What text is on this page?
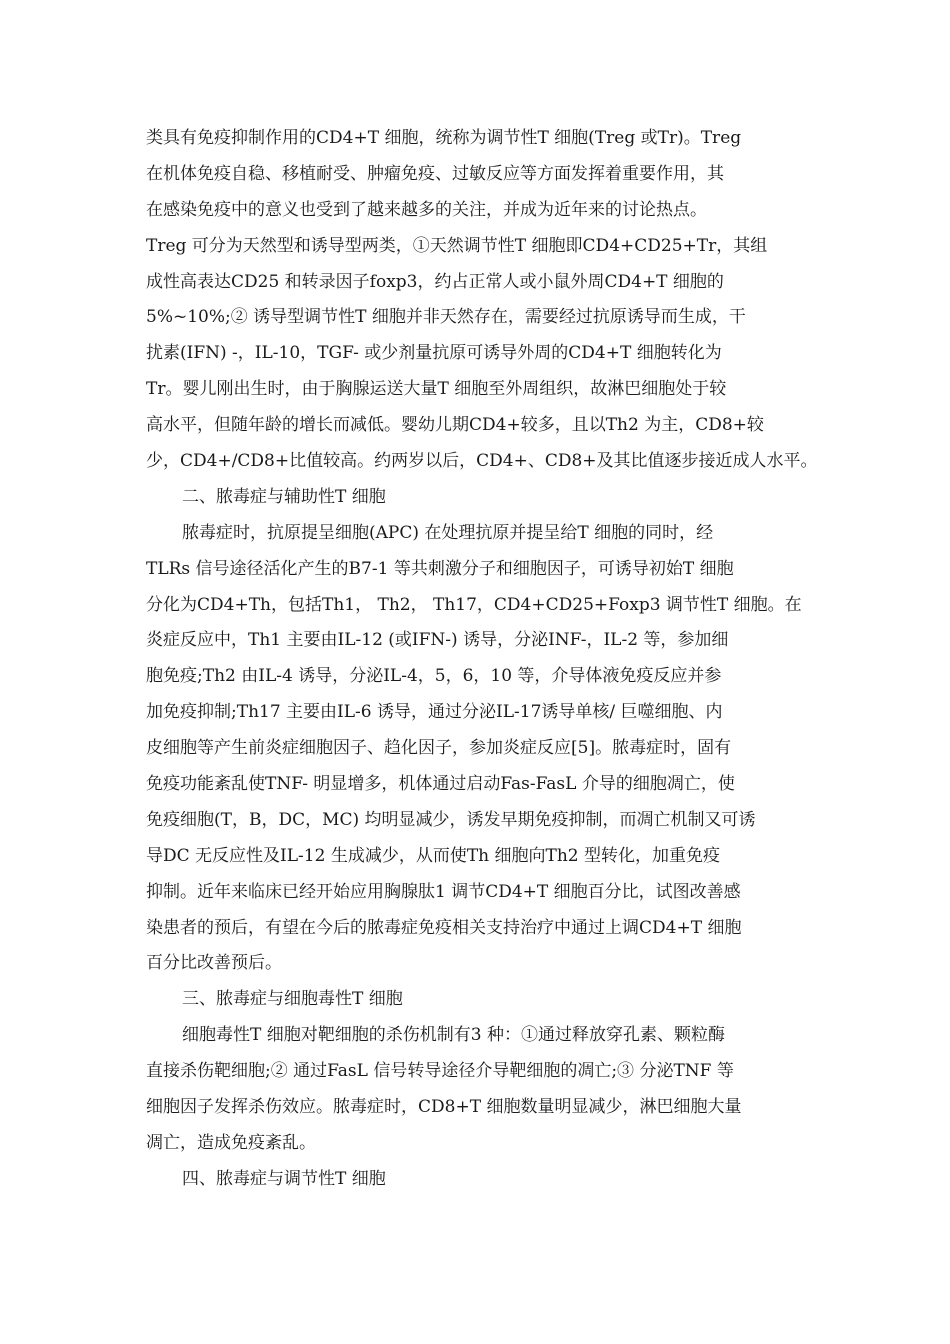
类具有免疫抑制作用的CD4+T 细胞，统称为调节性T 细胞(Treg 或Tr)。Treg
在机体免疫自稳、移植耐受、肿瘤免疫、过敏反应等方面发挥着重要作用，其
在感染免疫中的意义也受到了越来越多的关注，并成为近年来的讨论热点。
Treg 可分为天然型和诱导型两类，①天然调节性T 细胞即CD4+CD25+Tr，其组
成性高表达CD25 和转录因子foxp3，约占正常人或小鼠外周CD4+T 细胞的
5%~10%;② 诱导型调节性T 细胞并非天然存在，需要经过抗原诱导而生成，干
扰素(IFN) -，IL-10，TGF- 或少剂量抗原可诱导外周的CD4+T 细胞转化为
Tr。婴儿刚出生时，由于胸腺运送大量T 细胞至外周组织，故淋巴细胞处于较
高水平，但随年龄的增长而减低。婴幼儿期CD4+较多，且以Th2 为主，CD8+较
少，CD4+/CD8+比值较高。约两岁以后，CD4+、CD8+及其比值逐步接近成人水平。
二、脓毒症与辅助性T 细胞
脓毒症时，抗原提呈细胞(APC) 在处理抗原并提呈给T 细胞的同时，经
TLRs 信号途径活化产生的B7-1 等共刺激分子和细胞因子，可诱导初始T 细胞
分化为CD4+Th，包括Th1， Th2， Th17，CD4+CD25+Foxp3 调节性T 细胞。在
炎症反应中，Th1 主要由IL-12 (或IFN-) 诱导，分泌INF-，IL-2 等，参加细
胞免疫;Th2 由IL-4 诱导，分泌IL-4，5，6，10 等，介导体液免疫反应并参
加免疫抑制;Th17 主要由IL-6 诱导，通过分泌IL-17诱导单核/ 巨噬细胞、内
皮细胞等产生前炎症细胞因子、趋化因子，参加炎症反应[5]。脓毒症时，固有
免疫功能紊乱使TNF- 明显增多，机体通过启动Fas-FasL 介导的细胞凋亡，使
免疫细胞(T，B，DC，MC) 均明显减少，诱发早期免疫抑制，而凋亡机制又可诱
导DC 无反应性及IL-12 生成减少，从而使Th 细胞向Th2 型转化，加重免疫
抑制。近年来临床已经开始应用胸腺肽1 调节CD4+T 细胞百分比，试图改善感
染患者的预后，有望在今后的脓毒症免疫相关支持治疗中通过上调CD4+T 细胞
百分比改善预后。
三、脓毒症与细胞毒性T 细胞
细胞毒性T 细胞对靶细胞的杀伤机制有3 种：①通过释放穿孔素、颗粒酶
直接杀伤靶细胞;② 通过FasL 信号转导途径介导靶细胞的凋亡;③ 分泌TNF 等
细胞因子发挥杀伤效应。脓毒症时，CD8+T 细胞数量明显减少，淋巴细胞大量
凋亡，造成免疫紊乱。
四、脓毒症与调节性T 细胞
